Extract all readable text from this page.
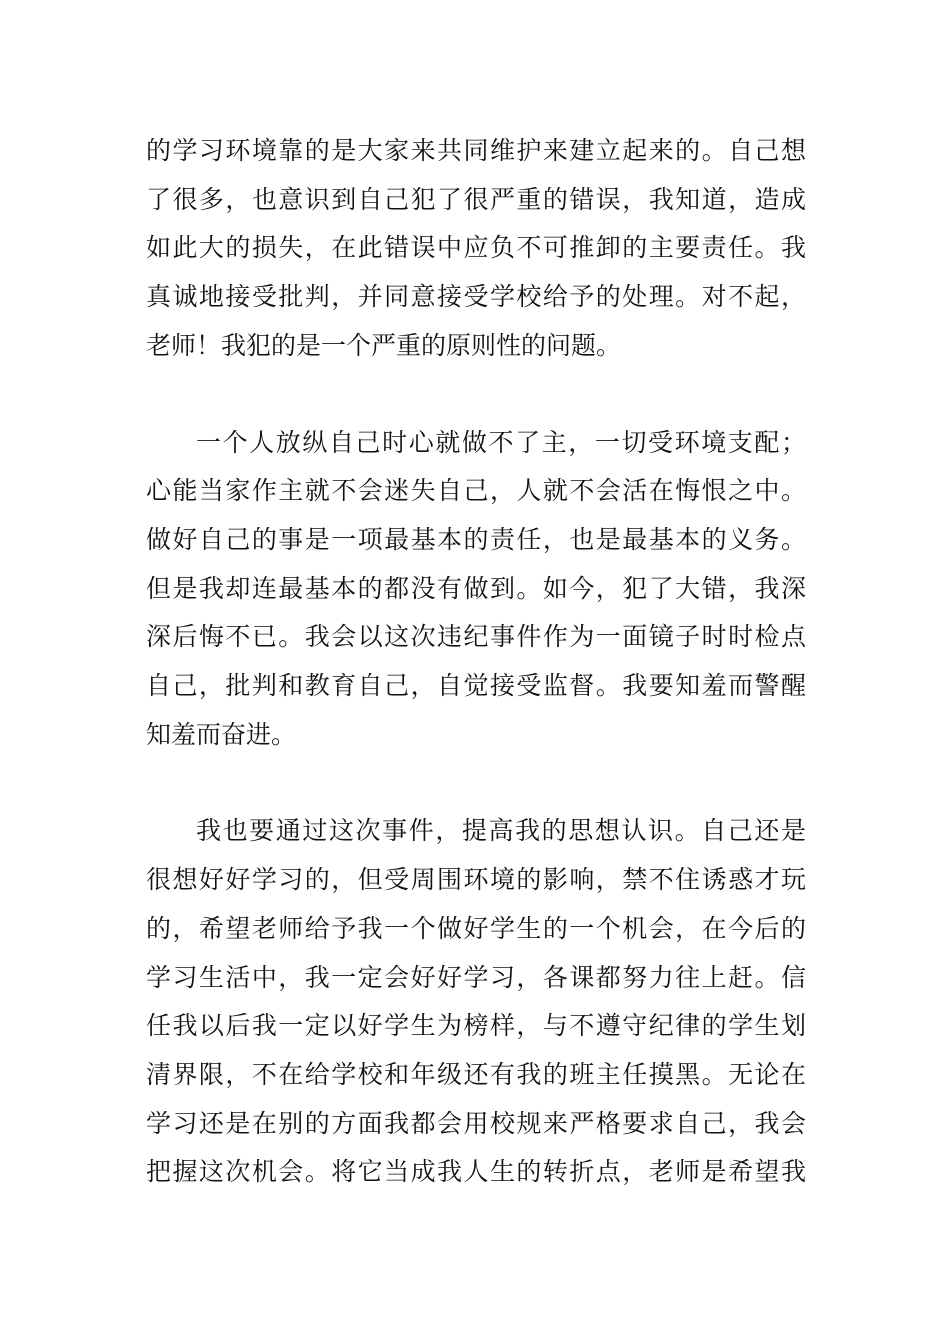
的学习环境靠的是大家来共同维护来建立起来的。自己想
了很多，也意识到自己犯了很严重的错误，我知道，造成
如此大的损失，在此错误中应负不可推卸的主要责任。我
真诚地接受批判，并同意接受学校给予的处理。对不起，
老师！我犯的是一个严重的原则性的问题。
一个人放纵自己时心就做不了主，一切受环境支配；
心能当家作主就不会迷失自己，人就不会活在悔恨之中。
做好自己的事是一项最基本的责任，也是最基本的义务。
但是我却连最基本的都没有做到。如今，犯了大错，我深
深后悔不已。我会以这次违纪事件作为一面镜子时时检点
自己，批判和教育自己，自觉接受监督。我要知羞而警醒
知羞而奋进。
我也要通过这次事件，提高我的思想认识。自己还是
很想好好学习的，但受周围环境的影响，禁不住诱惑才玩
的，希望老师给予我一个做好学生的一个机会，在今后的
学习生活中，我一定会好好学习，各课都努力往上赶。信
任我以后我一定以好学生为榜样，与不遵守纪律的学生划
清界限，不在给学校和年级还有我的班主任摸黑。无论在
学习还是在别的方面我都会用校规来严格要求自己，我会
把握这次机会。将它当成我人生的转折点，老师是希望我
